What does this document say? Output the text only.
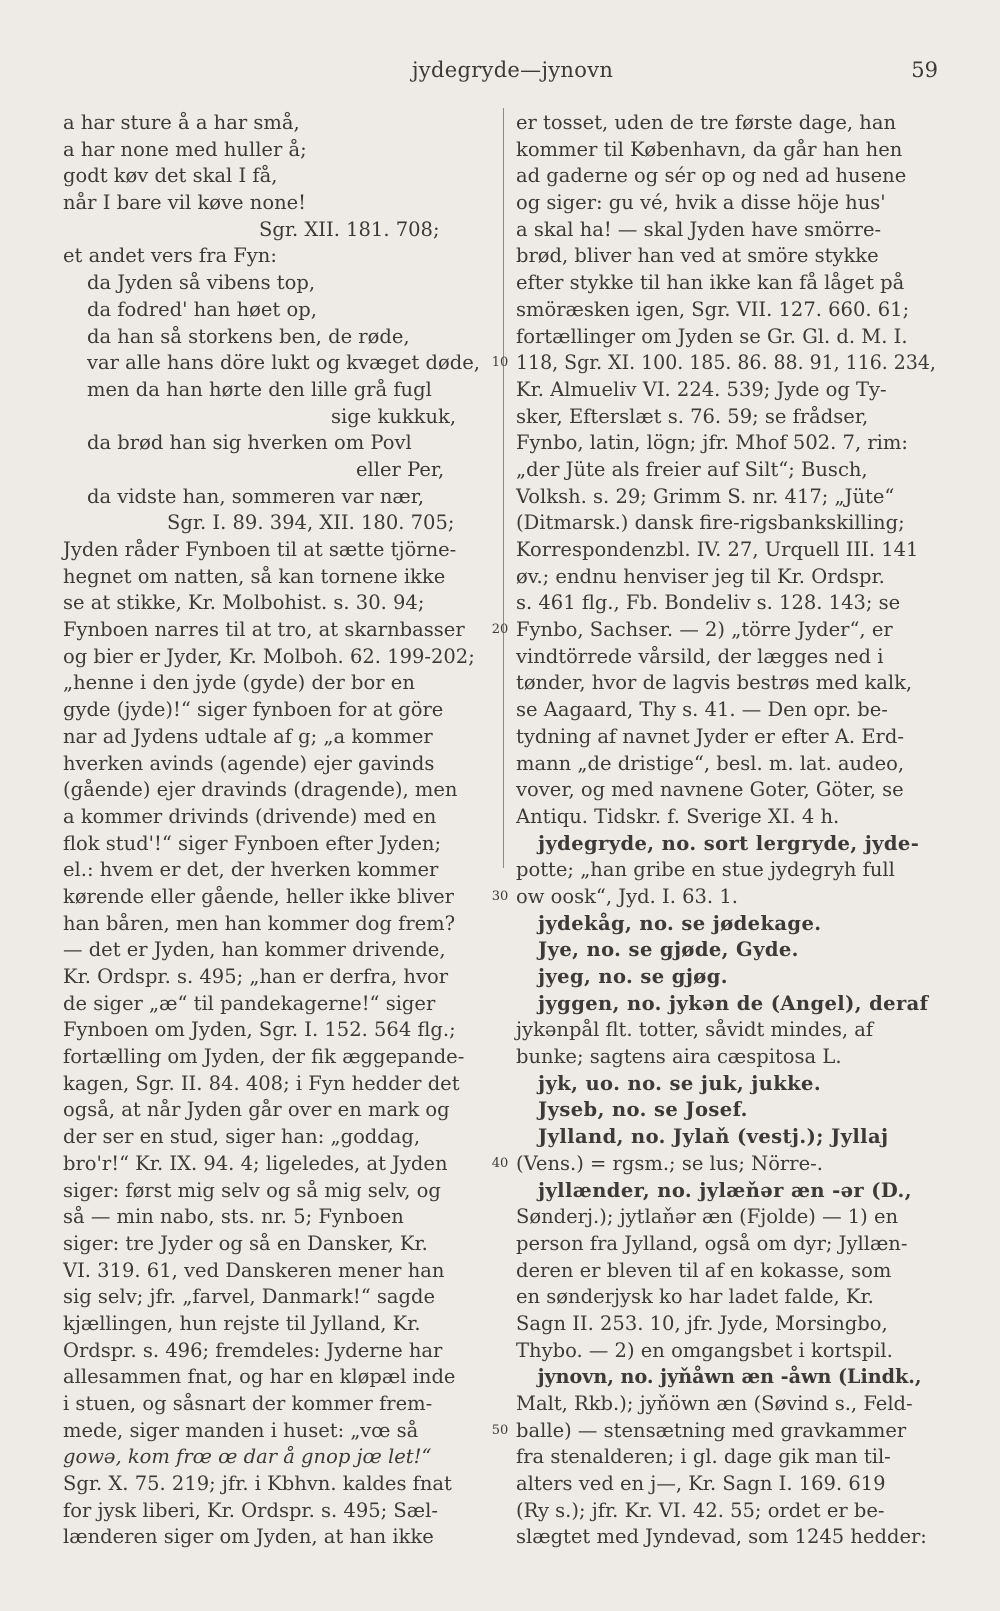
jydegryde—jynovn	59
a har sture å a har små,
a har none med huller å;
godt køv det skal I få,
når I bare vil køve none!
Sgr. XII. 181. 708;
et andet vers fra Fyn:
da Jyden så vibens top,
da fodred' han høet op,
da han så storkens ben, de røde,
var alle hans döre lukt og kvæget døde,
men da han hørte den lille grå fugl
sige kukkuk,
da brød han sig hverken om Povl
eller Per,
da vidste han, sommeren var nær,
Sgr. I. 89. 394, XII. 180. 705;
Jyden råder Fynboen til at sætte tjörne-
hegnet om natten, så kan tornene ikke
se at stikke, Kr. Molbohist. s. 30. 94;
Fynboen narres til at tro, at skarnbasser
og bier er Jyder, Kr. Molboh. 62. 199-202;
„henne i den jyde (gyde) der bor en
gyde (jyde)!“ siger fynboen for at göre
nar ad Jydens udtale af g; „a kommer
hverken avinds (agende) ejer gavinds
(gående) ejer dravinds (dragende), men
a kommer drivinds (drivende) med en
flok stud'!“ siger Fynboen efter Jyden;
el.: hvem er det, der hverken kommer
kørende eller gående, heller ikke bliver
han båren, men han kommer dog frem?
— det er Jyden, han kommer drivende,
Kr. Ordspr. s. 495; „han er derfra, hvor
de siger „æ“ til pandekagerne!“ siger
Fynboen om Jyden, Sgr. I. 152. 564 flg.;
fortælling om Jyden, der fik æggepande-
kagen, Sgr. II. 84. 408; i Fyn hedder det
også, at når Jyden går over en mark og
der ser en stud, siger han: „goddag,
bro'r!“ Kr. IX. 94. 4; ligeledes, at Jyden
siger: først mig selv og så mig selv, og
så — min nabo, sts. nr. 5; Fynboen
siger: tre Jyder og så en Dansker, Kr.
VI. 319. 61, ved Danskeren mener han
sig selv; jfr. „farvel, Danmark!“ sagde
kjællingen, hun rejste til Jylland, Kr.
Ordspr. s. 496; fremdeles: Jyderne har
allesammen fnat, og har en kløpæl inde
i stuen, og såsnart der kommer frem-
mede, siger manden i huset: „vœ så
gowə, kom frœ œ dar å gnop jœ let!“
Sgr. X. 75. 219; jfr. i Kbhvn. kaldes fnat
for jysk liberi, Kr. Ordspr. s. 495; Sæl-
lænderen siger om Jyden, at han ikke
10
20
30
40
50
er tosset, uden de tre første dage, han
kommer til København, da går han hen
ad gaderne og sér op og ned ad husene
og siger: gu vé, hvik a disse höje hus'
a skal ha! — skal Jyden have smörre-
brød, bliver han ved at smöre stykke
efter stykke til han ikke kan få låget på
smöræsken igen, Sgr. VII. 127. 660. 61;
fortællinger om Jyden se Gr. Gl. d. M. I.
118, Sgr. XI. 100. 185. 86. 88. 91, 116. 234,
Kr. Almueliv VI. 224. 539; Jyde og Ty-
sker, Efterslæt s. 76. 59; se frådser,
Fynbo, latin, lögn; jfr. Mhof 502. 7, rim:
„der Jüte als freier auf Silt“; Busch,
Volksh. s. 29; Grimm S. nr. 417; „Jüte“
(Ditmarsk.) dansk fire-rigsbankskilling;
Korrespondenzbl. IV. 27, Urquell III. 141
øv.; endnu henviser jeg til Kr. Ordspr.
s. 461 flg., Fb. Bondeliv s. 128. 143; se
Fynbo, Sachser. — 2) „törre Jyder“, er
vindtörrede vårsild, der lægges ned i
tønder, hvor de lagvis bestrøs med kalk,
se Aagaard, Thy s. 41. — Den opr. be-
tydning af navnet Jyder er efter A. Erd-
mann „de dristige“, besl. m. lat. audeo,
vover, og med navnene Goter, Göter, se
Antiqu. Tidskr. f. Sverige XI. 4 h.
jydegryde, no. sort lergryde, jyde-
potte; „han gribe en stue jydegryh full
ow oosk“, Jyd. I. 63. 1.
jydekåg, no. se jødekage.
Jye, no. se gjøde, Gyde.
jyeg, no. se gjøg.
jyggen, no. jykən de (Angel), deraf
jykənpål flt. totter, såvidt mindes, af
bunke; sagtens aira cæspitosa L.
jyk, uo. no. se juk, jukke.
Jyseb, no. se Josef.
Jylland, no. Jylaň (vestj.); Jyllaj
(Vens.) = rgsm.; se lus; Nörre-.
jyllænder, no. jylæňər æn -ər (D.,
Sønderj.); jytlaňər æn (Fjolde) — 1) en
person fra Jylland, også om dyr; Jyllæn-
deren er bleven til af en kokasse, som
en sønderjysk ko har ladet falde, Kr.
Sagn II. 253. 10, jfr. Jyde, Morsingbo,
Thybo. — 2) en omgangsbet i kortspil.
jynovn, no. jyňåwn æn -åwn (Lindk.,
Malt, Rkb.); jyňöwn æn (Søvind s., Feld-
balle) — stensætning med gravkammer
fra stenalderen; i gl. dage gik man til-
alters ved en j—, Kr. Sagn I. 169. 619
(Ry s.); jfr. Kr. VI. 42. 55; ordet er be-
slægtet med Jyndevad, som 1245 hedder:
